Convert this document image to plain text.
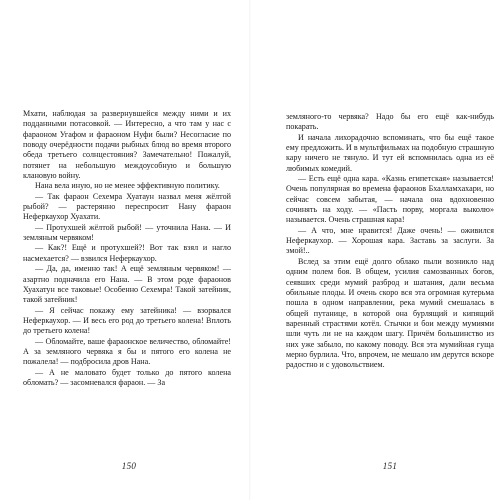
Мхати, наблюдая за развернувшейся между ними и их подданными потасовкой. — Интересно, а что там у нас с фараоном Угафом и фараоном Нуфи были? Несогласие по поводу очерёдности подачи рыбных блюд во время второго обеда третьего солнцестояния? Замечательно! Пожалуй, потянет на небольшую междоусобную и большую клановую войну.

Нана вела иную, но не менее эффективную политику.

— Так фараон Сехемра Хуатаун назвал меня жёлтой рыбой? — растерянно переспросит Нану фараон Неферкаухор Хуахати.

— Протухшей жёлтой рыбой! — уточнила Нана. — И земляным червяком!

— Как?! Ещё и протухшей?! Вот так взял и нагло насмехается? — взвился Неферкаухор.

— Да, да, именно так! А ещё земляным червяком! — азартно подначила его Нана. — В этом роде фараонов Хуахатун все таковые! Особенно Сехемра! Такой затейник, такой затейник!

— Я сейчас покажу ему затейника! — взорвался Неферкаухор. — И весь его род до третьего колена! Вплоть до третьего колена!

— Обломайте, ваше фараонское величество, обломайте! А за земляного червяка я бы и пятого его колена не пожалела! — подбросила дров Нана.

— А не маловато будет только до пятого колена обломать? — засомневался фараон. — За

150

земляного-то червяка? Надо бы его ещё как-нибудь покарать.

И начала лихорадочно вспоминать, что бы ещё такое ему предложить. И в мультфильмах на подобную страшную кару ничего не тянуло. И тут ей вспомнилась одна из её любимых комедий.

— Есть ещё одна кара. «Казнь египетская» называется! Очень популярная во времена фараонов Бхалламхахари, но сейчас совсем забытая, — начала она вдохновенно сочинять на ходу. — «Пасть порву, моргала выколю» называется. Очень страшная кара!

— А что, мне нравится! Даже очень! — оживился Неферкаухор. — Хорошая кара. Заставь за заслуги. За эмой!..

Вслед за этим ещё долго облако пыли возникло над одним полем боя. В общем, усилия самозванных богов, сеявших среди мумий разброд и шатания, дали весьма обильные плоды. И очень скоро вся эта огромная кутерьма пошла в одном направлении, река мумий смешалась в общей путанице, в которой она бурлящий и кипящий варенный страстями котёл. Стычки и бои между мумиями шли чуть ли не на каждом шагу. Причём большинство из них уже забыло, по какому поводу. Вся эта мумийная гуща мерно бурлила. Что, впрочем, не мешало им дерутся вскоре радостно и с удовольствием.

151
